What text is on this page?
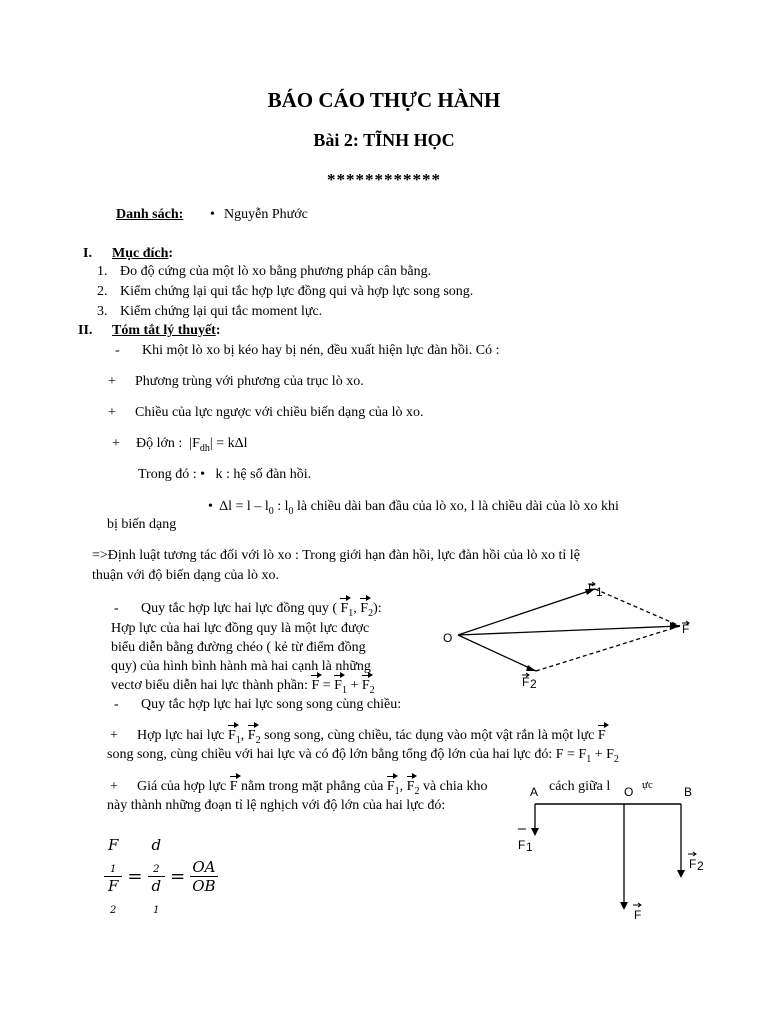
BÁO CÁO THỰC HÀNH
Bài 2: TĨNH HỌC
************
Danh sách: • Nguyễn Phước
I. Mục đích:
1. Đo độ cứng của một lò xo bằng phương pháp cân bằng.
2. Kiểm chứng lại qui tắc hợp lực đồng qui và hợp lực song song.
3. Kiểm chứng lại qui tắc moment lực.
II. Tóm tắt lý thuyết:
- Khi một lò xo bị kéo hay bị nén, đều xuất hiện lực đàn hồi. Có :
+ Phương trùng với phương của trục lò xo.
+ Chiều của lực ngược với chiều biến dạng của lò xo.
+ Độ lớn : $|F_{dh}| = k\Delta l$
Trong đó : • k : hệ số đàn hồi.
• $\Delta l = l - l_0$ : $l_0$ là chiều dài ban đầu của lò xo, l là chiều dài của lò xo khi
bị biến dạng
=>Định luật tương tác đối với lò xo : Trong giới hạn đàn hồi, lực đàn hồi của lò xo tỉ lệ
thuận với độ biến dạng của lò xo.
- Quy tắc hợp lực hai lực đồng quy ( $F_1$, $F_2$):
Hợp lực của hai lực đồng quy là một lực được
biểu diễn bằng đường chéo ( kẻ từ điểm đồng
quy) của hình bình hành mà hai cạnh là những
vectơ biểu diễn hai lực thành phần: $F = F_1 + F_2$
- Quy tắc hợp lực hai lực song song cùng chiều:
+ Hợp lực hai lực $F_1$, $F_2$ song song, cùng chiều, tác dụng vào một vật rắn là một lực F
song song, cùng chiều với hai lực và có độ lớn bằng tổng độ lớn của hai lực đó: $F = F_1 + F_2$
+ Giá của hợp lực F nằm trong mặt phẳng của $F_1$, $F_2$ và chia kho	cách giữa l	ực
này thành những đoạn tỉ lệ nghịch với độ lớn của hai lực đó:
F
$_1$
F
$_2$ = d
$_2$
d
$_1 = \frac{OA}{OB}$
O
F 1
F
F 2
A	O	B
F 1
F 2
F
